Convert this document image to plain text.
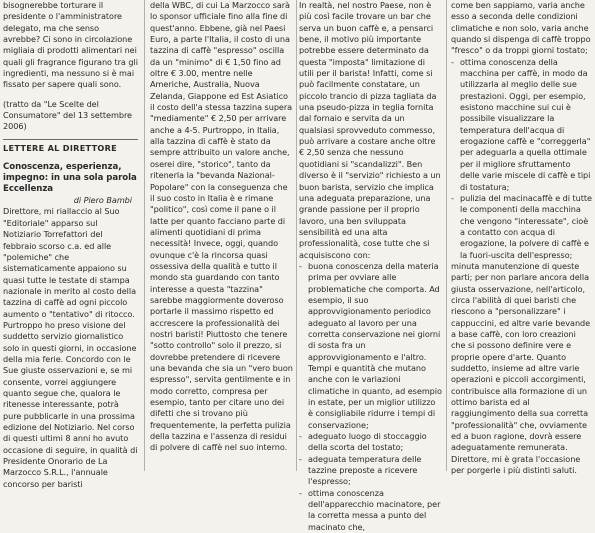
bisognerebbe torturare il presidente o l'amministratore delegato, ma che senso avrebbe? Ci sono in circolazione migliaia di prodotti alimentari nei quali gli fragrance figurano tra gli ingredienti, ma nessuno si è mai fissato per sapere quali sono.

(tratto da "Le Scelte del Consumatore" del 13 settembre 2006)

LETTERE AL DIRETTORE

Conoscenza, esperienza, impegno: in una sola parola Eccellenza

di Piero Bambi

Direttore, mi riallaccio al Suo "Editoriale" apparso sul Notiziario Torrefattori del febbraio scorso c.a. ed alle "polemiche" che sistematicamente appaiono su quasi tutte le testate di stampa nazionale in merito al costo della tazzina di caffè ad ogni piccolo aumento o "tentativo" di ritocco. Purtroppo ho preso visione del suddetto servizio giornalistico solo in questi giorni, in occasione della mia ferie. Concordo con le Sue giuste osservazioni e, se mi consente, vorrei aggiungere quanto segue che, qualora le ritenesse interessante, potrà pure pubblicarle in una prossima edizione del Notiziario. Nel corso di questi ultimi 8 anni ho avuto occasione di seguire, in qualità di Presidente Onorario de La Marzocco S.R.L., l'annuale concorso per baristi

della WBC, di cui La Marzocco sarà lo sponsor ufficiale fino alla fine di quest'anno. Ebbene, già nel Paesi Euro, a parte l'Italia, il costo di una tazzina di caffè "espresso" oscilla da un "minimo" di € 1,50 fino ad oltre € 3.00, mentre nelle Americhe, Australia, Nuova Zelanda, Giappone ed Est Asiatico il costo dell'a stessa tazzina supera "mediamente" € 2,50 per arrivare anche a 4-5. Purtroppo, in Italia, alla tazzina di caffè è stato da sempre attribuito un valore anche, oserei dire, "storico", tanto da ritenerla la "bevanda Nazional-Popolare" con la conseguenza che il suo costo in Italia è e rimane "politico", così come il pane o il latte per quanto facciano parte di alimenti quotidiani di prima necessità! Invece, oggi, quando ovunque c'è la rincorsa quasi ossessiva della qualità e tutto il mondo sta guardando con tanto interesse a questa "tazzina" sarebbe maggiormente doveroso portarle il massimo rispetto ed accrescere la professionalità dei nostri baristi! Piuttosto che tenere "sotto controllo" solo il prezzo, si dovrebbe pretendere di ricevere una bevanda che sia un "vero buon espresso", servita gentilmente e in modo corretto, compresa per esempio, tanto per citare uno dei difetti che si trovano più frequentemente, la perfetta pulizia della tazzina e l'assenza di residui di polvere di caffè nel suo interno.

In realtà, nel nostro Paese, non è più così facile trovare un bar che serva un buon caffè e, a pensarci bene, il motivo più importante potrebbe essere determinato da questa "imposta" limitazione di utili per il barista! Infatti, come si può facilmente constatare, un piccolo trancio di pizza tagliata da una pseudo-pizza in teglia fornita dal fornaio e servita da un qualsiasi sprovveduto commesso, può arrivare a costare anche oltre € 2,50 senza che nessuno quotidiani si "scandalizzi". Ben diverso è il "servizio" richiesto a un buon barista, servizio che implica una adeguata preparazione, una grande passione per il proprio lavoro, una ben sviluppata sensibilità ed una alta professionalità, cose tutte che si acquisiscono con:

- buona conoscenza della materia prima per ovviare alle problematiche che comporta. Ad esempio, il suo approvvigionamento periodico adeguato al lavoro per una corretta conservazione nei giorni di sosta fra un approvvigionamento e l'altro. Tempi e quantità che mutano anche con le variazioni climatiche in quanto, ad esempio in estate, per un miglior utilizzo è consigliabile ridurre i tempi di conservazione;
- adeguato luogo di stoccaggio della scorta del tostato;
- adeguata temperatura delle tazzine preposte a ricevere l'espresso;
- ottima conoscenza dell'apparecchio macinatore, per la corretta messa a punto del macinato che,

come ben sappiamo, varia anche esso a seconda delle condizioni climatiche e non solo, varia anche quando si dispenga di caffè troppo "fresco" o da troppi giorni tostato;

- ottima conoscenza della macchina per caffè, in modo da utilizzarla al meglio delle sue prestazioni. Oggi, per esempio, esistono macchine sui cui è possibile visualizzare la temperatura dell'acqua di erogazione caffè e "correggerla" per adeguarla a quella ottimale per il migliore sfruttamento delle varie miscele di caffè e tipi di tostatura;
- pulizia del macinacaffè e di tutte le componenti della macchina che vengono "interessate", cioè a contatto con acqua di erogazione, la polvere di caffè e la fuori-uscita dell'espresso;

minuta manutenzione di queste parti; per non parlare ancora della giusta osservazione, nell'articolo, circa l'abilità di quei baristi che riescono a "personalizzare" i cappuccini, ed altre varie bevande a base caffè, con loro creazioni che si possono definire vere e proprie opere d'arte. Quanto suddetto, insieme ad altre varie operazioni e piccoli accorgimenti, contribuisce alla formazione di un ottimo barista ed al raggiungimento della sua corretta "professionalità" che, ovviamente ed a buon ragione, dovrà essere adeguatamente remunerata.

Direttore, mi è grata l'occasione per porgerle i più distinti saluti.
